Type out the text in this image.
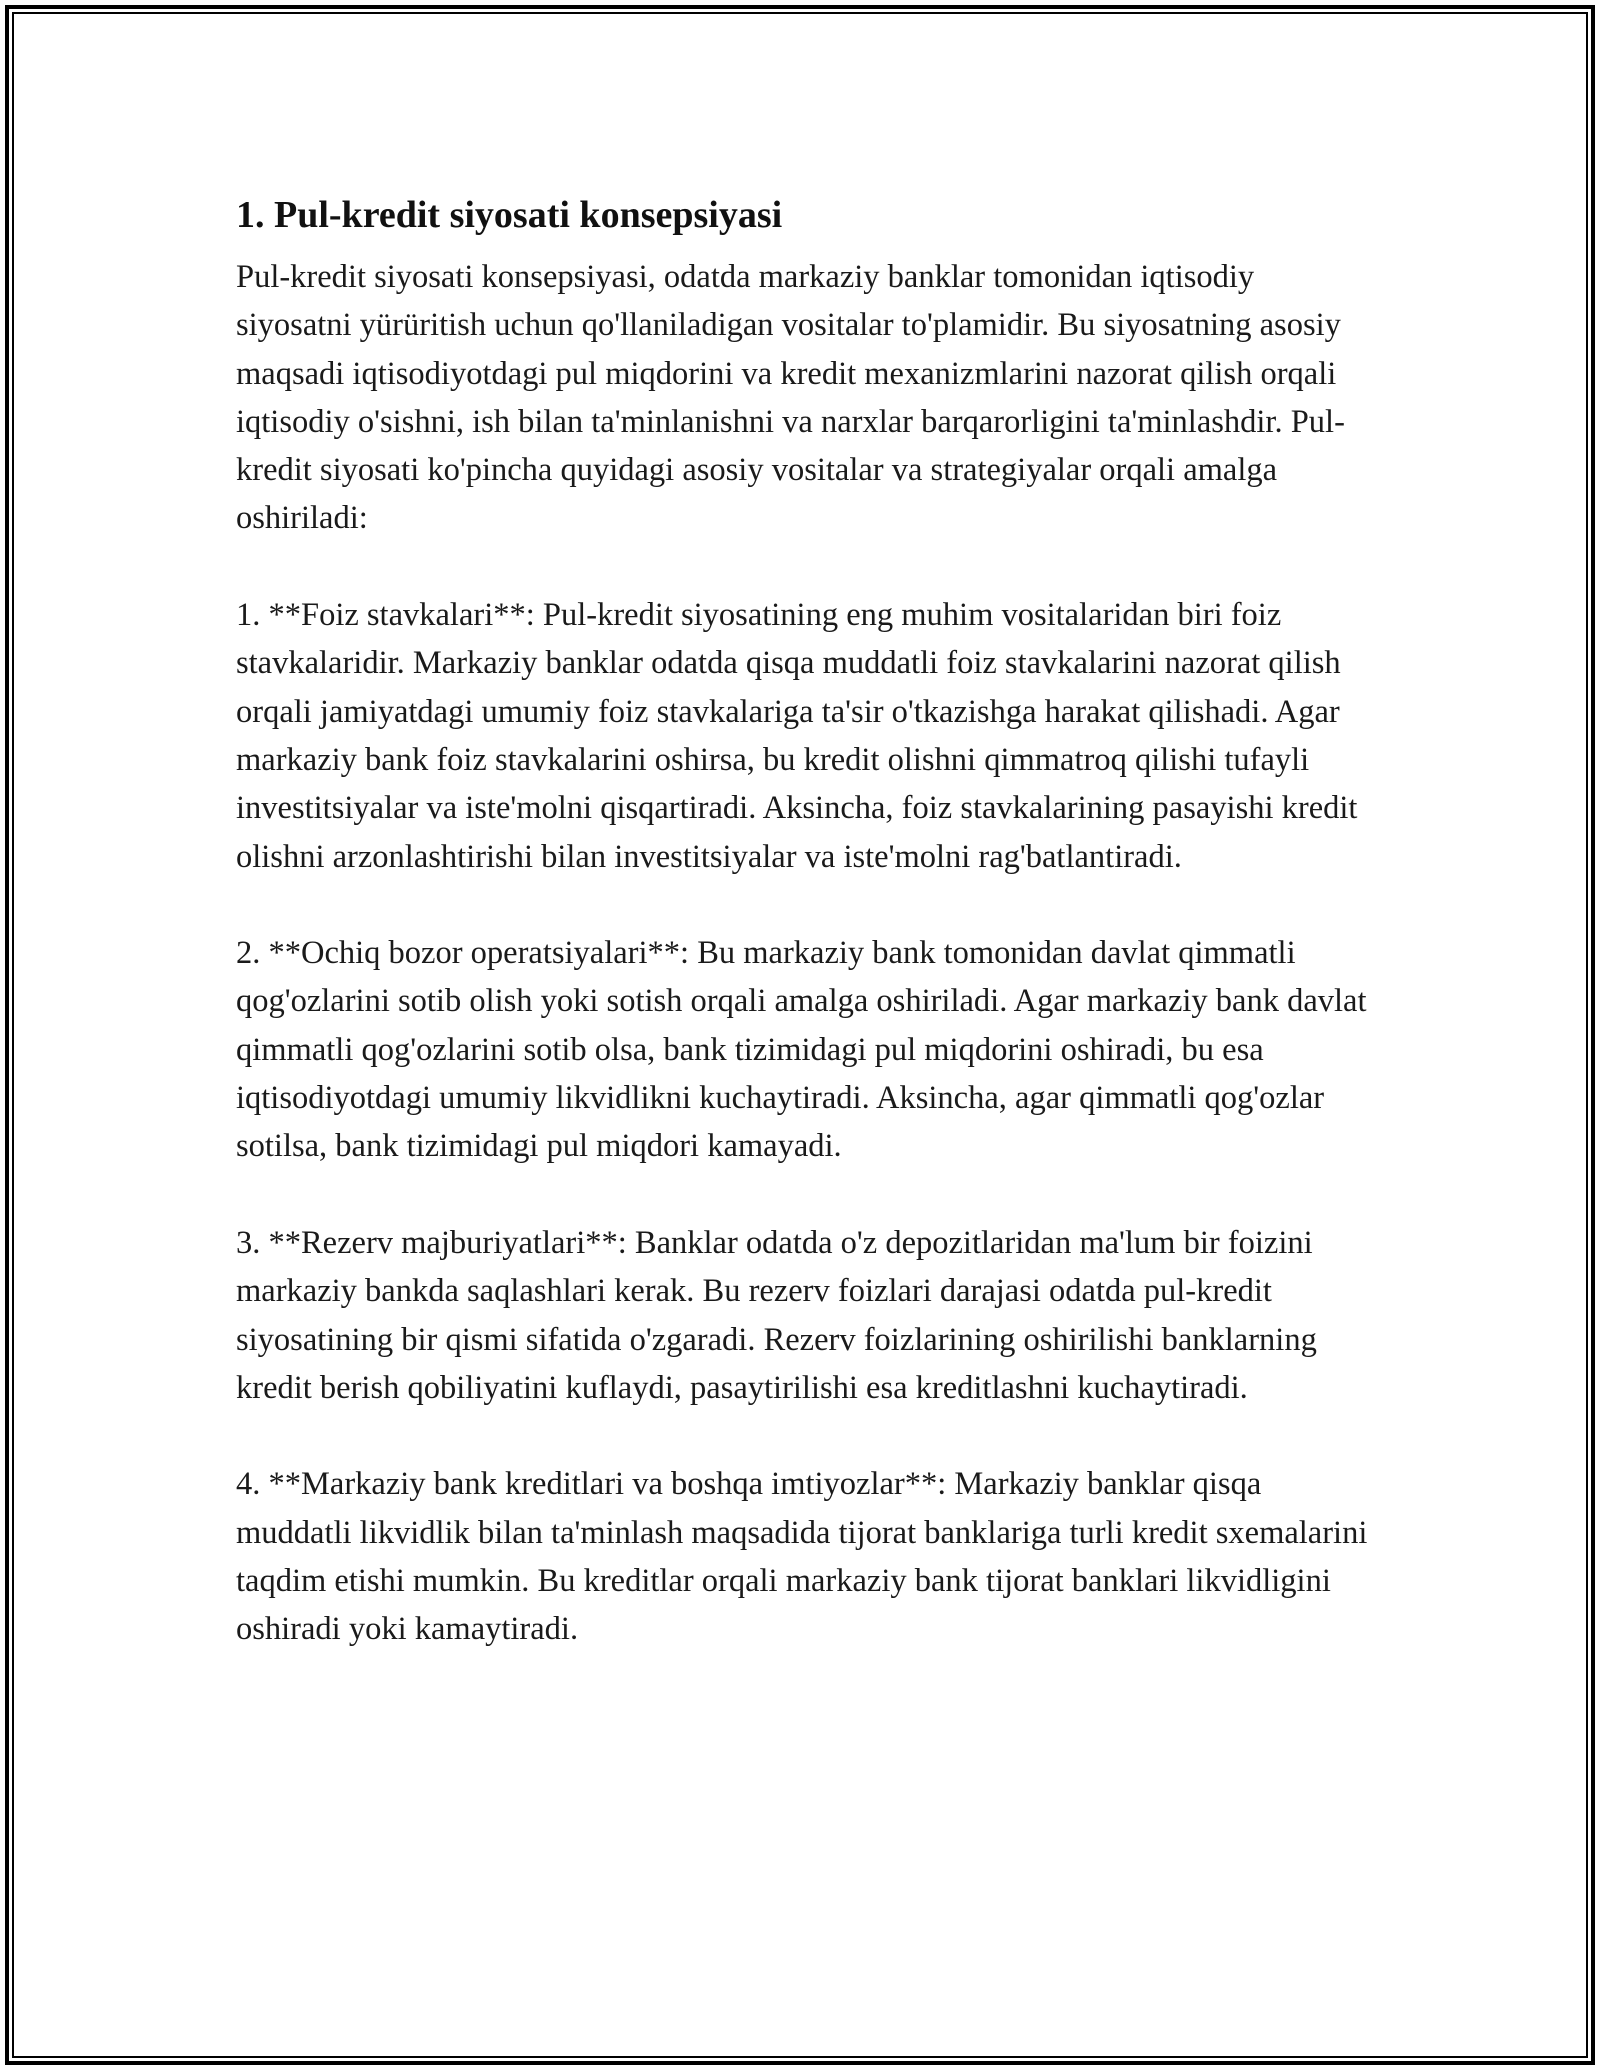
1. Pul-kredit siyosati konsepsiyasi

Pul-kredit siyosati konsepsiyasi, odatda markaziy banklar tomonidan iqtisodiy siyosatni yürüritish uchun qo'llaniladigan vositalar to'plamidir. Bu siyosatning asosiy maqsadi iqtisodiyotdagi pul miqdorini va kredit mexanizmlarini nazorat qilish orqali iqtisodiy o'sishni, ish bilan ta'minlanishni va narxlar barqarorligini ta'minlashdir. Pul-kredit siyosati ko'pincha quyidagi asosiy vositalar va strategiyalar orqali amalga oshiriladi:

1. **Foiz stavkalari**: Pul-kredit siyosatining eng muhim vositalaridan biri foiz stavkalaridir. Markaziy banklar odatda qisqa muddatli foiz stavkalarini nazorat qilish orqali jamiyatdagi umumiy foiz stavkalariga ta'sir o'tkazishga harakat qilishadi. Agar markaziy bank foiz stavkalarini oshirsa, bu kredit olishni qimmatroq qilishi tufayli investitsiyalar va iste'molni qisqartiradi. Aksincha, foiz stavkalarining pasayishi kredit olishni arzonlashtirishi bilan investitsiyalar va iste'molni rag'batlantiradi.

2. **Ochiq bozor operatsiyalari**: Bu markaziy bank tomonidan davlat qimmatli qog'ozlarini sotib olish yoki sotish orqali amalga oshiriladi. Agar markaziy bank davlat qimmatli qog'ozlarini sotib olsa, bank tizimidagi pul miqdorini oshiradi, bu esa iqtisodiyotdagi umumiy likvidlikni kuchaytiradi. Aksincha, agar qimmatli qog'ozlar sotilsa, bank tizimidagi pul miqdori kamayadi.

3. **Rezerv majburiyatlari**: Banklar odatda o'z depozitlaridan ma'lum bir foizini markaziy bankda saqlashlari kerak. Bu rezerv foizlari darajasi odatda pul-kredit siyosatining bir qismi sifatida o'zgaradi. Rezerv foizlarining oshirilishi banklarning kredit berish qobiliyatini kuflaydi, pasaytirilishi esa kreditlashni kuchaytiradi.

4. **Markaziy bank kreditlari va boshqa imtiyozlar**: Markaziy banklar qisqa muddatli likvidlik bilan ta'minlash maqsadida tijorat banklariga turli kredit sxemalarini taqdim etishi mumkin. Bu kreditlar orqali markaziy bank tijorat banklari likvidligini oshiradi yoki kamaytiradi.
